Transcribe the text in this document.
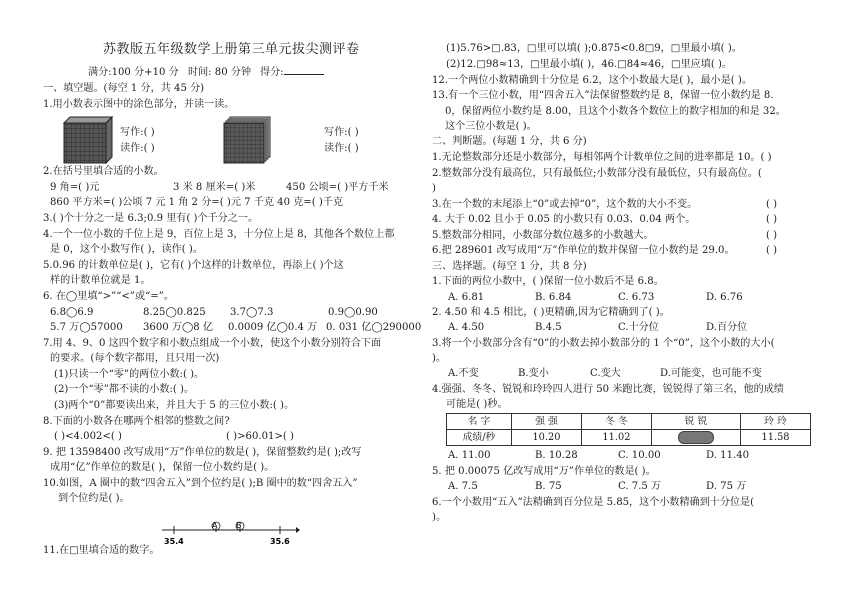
苏教版五年级数学上册第三单元拔尖测评卷
满分:100 分+10 分 时间: 80 分钟 得分:
一、填空题。(每空 1 分，共 45 分)
1.用小数表示图中的涂色部分，并读一读。
写作:( )
读作:( )
写作:( )
读作:( )
2.在括号里填合适的小数。
9 角=( )元	3 米 8 厘米=( )米	450 公顷=( )平方千米
860 平方米=( )公顷 7 元 1 角 2 分=( )元 7 千克 40 克=( )千克
3.( )个十分之一是 6.3;0.9 里有( )个千分之一。
4.一个一位小数的千位上是 9，百位上是 3，十分位上是 8，其他各个数位上都
是 0，这个小数写作( )，读作( )。
5.0.96 的计数单位是( )，它有( )个这样的计数单位，再添上( )个这
样的计数单位就是 1。
6. 在◯里填“>”“<”或“=”。
6.8◯6.9	8.25◯0.825 3.7◯7.3	0.9◯0.90
5.7 万◯57000 3600 万◯8 亿 0.0009 亿◯0.4 万 0. 031 亿◯290000
7.用 4、9、0 这四个数字和小数点组成一个小数，使这个小数分别符合下面
的要求。(每个数字都用，且只用一次)
(1)只读一个“零”的两位小数:( )。
(2)一个“零”都不读的小数:( )。
(3)两个“0”都要读出来，并且大于 5 的三位小数:( )。
8.下面的小数各在哪两个相邻的整数之间?
( )<4.002<( )	( )>60.01>( )
9. 把 13598400 改写成用“万”作单位的数是( )，保留整数约是( );改写
成用“亿”作单位的数是( )，保留一位小数约是( )。
10.如图，A 圈中的数“四舍五入”到个位约是( );B 圈中的数“四舍五入”
到个位约是( )。
A B
35.4	35.6
11.在□里填合适的数字。
(1)5.76>□.83，□里可以填( );0.875<0.8□9，□里最小填( )。
(2)12.□98≈13，□里最小填( )，46.□84≈46，□里应填( )。
12.一个两位小数精确到十分位是 6.2，这个小数最大是( )，最小是( )。
13.有一个三位小数，用“四舍五入”法保留整数约是 8，保留一位小数约是 8.
0，保留两位小数约是 8.00，且这个小数各个数位上的数字相加的和是 32。
这个三位小数是( )。
二、判断题。(每题 1 分，共 6 分)
1.无论整数部分还是小数部分，每相邻两个计数单位之间的进率都是 10。( )
2.整数部分没有最高位，只有最低位;小数部分没有最低位，只有最高位。(
)
3.在一个数的末尾添上“0”或去掉“0”，这个数的大小不变。	( )
4. 大于 0.02 且小于 0.05 的小数只有 0.03、0.04 两个。	( )
5.整数部分相同，小数部分数位越多的小数越大。	( )
6.把 289601 改写成用“万”作单位的数并保留一位小数约是 29.0。	( )
三、选择题。(每空 1 分，共 8 分)
1.下面的两位小数中，( )保留一位小数后不是 6.8。
A. 6.81	B. 6.84	C. 6.73	D. 6.76
2. 4.50 和 4.5 相比，( )更精确,因为它精确到了( )。
A. 4.50	B.4.5	C.十分位	D.百分位
3.将一个小数部分含有“0”的小数去掉小数部分的 1 个“0”，这个小数的大小(
)。
A.不变	B.变小	C.变大	D.可能变，也可能不变
4.强强、冬冬、锐锐和玲玲四人进行 50 米跑比赛，锐锐得了第三名，他的成绩
可能是( )秒。
名 字	强 强	冬 冬	锐 锐	玲 玲
成绩/秒	10.20	11.02		11.58
A. 11.00	B. 10.28	C. 10.00	D. 11.40
5. 把 0.00075 亿改写成用“万”作单位的数是( )。
A. 7.5	B. 75	C. 7.5 万	D. 75 万
6.一个小数用“五入”法精确到百分位是 5.85，这个小数精确到十分位是(
)。
